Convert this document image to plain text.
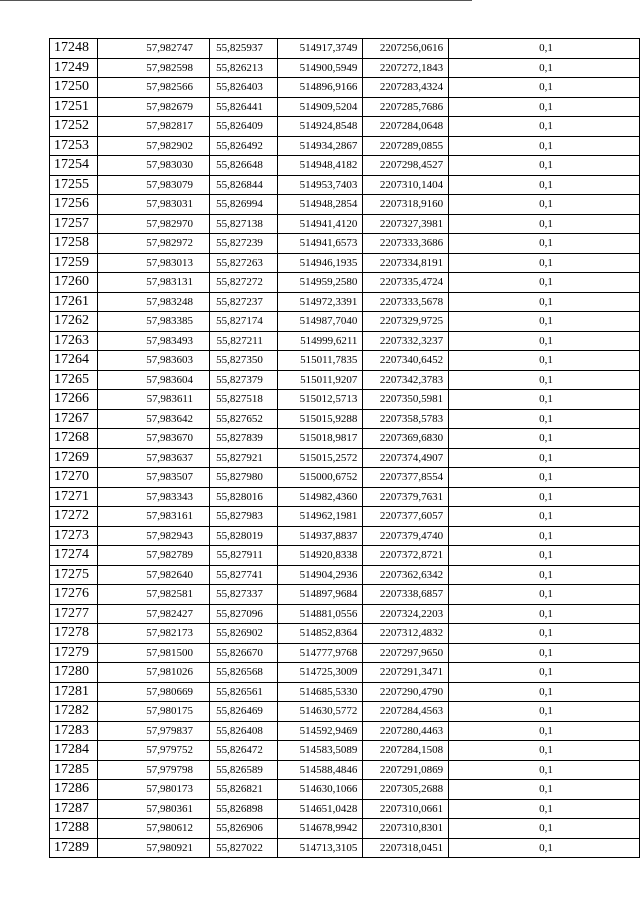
17248	57,982747	55,825937	514917,3749	2207256,0616	0,1
17249	57,982598	55,826213	514900,5949	2207272,1843	0,1
17250	57,982566	55,826403	514896,9166	2207283,4324	0,1
17251	57,982679	55,826441	514909,5204	2207285,7686	0,1
17252	57,982817	55,826409	514924,8548	2207284,0648	0,1
17253	57,982902	55,826492	514934,2867	2207289,0855	0,1
17254	57,983030	55,826648	514948,4182	2207298,4527	0,1
17255	57,983079	55,826844	514953,7403	2207310,1404	0,1
17256	57,983031	55,826994	514948,2854	2207318,9160	0,1
17257	57,982970	55,827138	514941,4120	2207327,3981	0,1
17258	57,982972	55,827239	514941,6573	2207333,3686	0,1
17259	57,983013	55,827263	514946,1935	2207334,8191	0,1
17260	57,983131	55,827272	514959,2580	2207335,4724	0,1
17261	57,983248	55,827237	514972,3391	2207333,5678	0,1
17262	57,983385	55,827174	514987,7040	2207329,9725	0,1
17263	57,983493	55,827211	514999,6211	2207332,3237	0,1
17264	57,983603	55,827350	515011,7835	2207340,6452	0,1
17265	57,983604	55,827379	515011,9207	2207342,3783	0,1
17266	57,983611	55,827518	515012,5713	2207350,5981	0,1
17267	57,983642	55,827652	515015,9288	2207358,5783	0,1
17268	57,983670	55,827839	515018,9817	2207369,6830	0,1
17269	57,983637	55,827921	515015,2572	2207374,4907	0,1
17270	57,983507	55,827980	515000,6752	2207377,8554	0,1
17271	57,983343	55,828016	514982,4360	2207379,7631	0,1
17272	57,983161	55,827983	514962,1981	2207377,6057	0,1
17273	57,982943	55,828019	514937,8837	2207379,4740	0,1
17274	57,982789	55,827911	514920,8338	2207372,8721	0,1
17275	57,982640	55,827741	514904,2936	2207362,6342	0,1
17276	57,982581	55,827337	514897,9684	2207338,6857	0,1
17277	57,982427	55,827096	514881,0556	2207324,2203	0,1
17278	57,982173	55,826902	514852,8364	2207312,4832	0,1
17279	57,981500	55,826670	514777,9768	2207297,9650	0,1
17280	57,981026	55,826568	514725,3009	2207291,3471	0,1
17281	57,980669	55,826561	514685,5330	2207290,4790	0,1
17282	57,980175	55,826469	514630,5772	2207284,4563	0,1
17283	57,979837	55,826408	514592,9469	2207280,4463	0,1
17284	57,979752	55,826472	514583,5089	2207284,1508	0,1
17285	57,979798	55,826589	514588,4846	2207291,0869	0,1
17286	57,980173	55,826821	514630,1066	2207305,2688	0,1
17287	57,980361	55,826898	514651,0428	2207310,0661	0,1
17288	57,980612	55,826906	514678,9942	2207310,8301	0,1
17289	57,980921	55,827022	514713,3105	2207318,0451	0,1
